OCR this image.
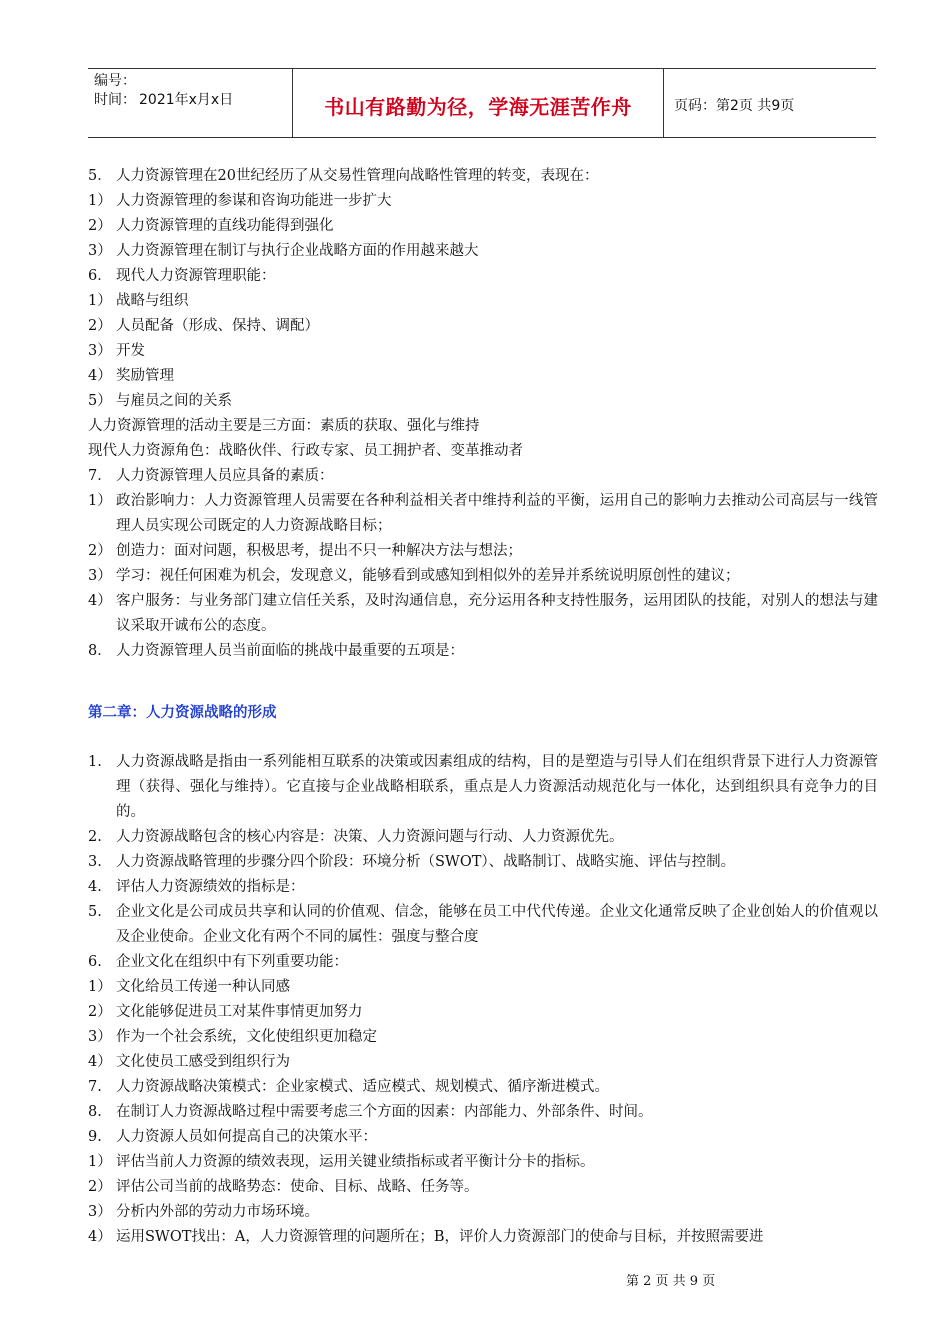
编号：
时间： 2021年x月x日	书山有路勤为径，学海无涯苦作舟	页码： 第2页 共9页
5． 人力资源管理在20世纪经历了从交易性管理向战略性管理的转变，表现在：
1） 人力资源管理的参谋和咨询功能进一步扩大
2） 人力资源管理的直线功能得到强化
3） 人力资源管理在制订与执行企业战略方面的作用越来越大
6． 现代人力资源管理职能：
1） 战略与组织
2） 人员配备（形成、保持、调配）
3） 开发
4） 奖励管理
5） 与雇员之间的关系
人力资源管理的活动主要是三方面：素质的获取、强化与维持
现代人力资源角色：战略伙伴、行政专家、员工拥护者、变革推动者
7． 人力资源管理人员应具备的素质：
1） 政治影响力：人力资源管理人员需要在各种利益相关者中维持利益的平衡，运用自己的影响力去推动公司高层与一线管理人员实现公司既定的人力资源战略目标；
2） 创造力：面对问题，积极思考，提出不只一种解决方法与想法；
3） 学习：视任何困难为机会，发现意义，能够看到或感知到相似外的差异并系统说明原创性的建议；
4） 客户服务：与业务部门建立信任关系，及时沟通信息，充分运用各种支持性服务，运用团队的技能，对别人的想法与建议采取开诚布公的态度。
8． 人力资源管理人员当前面临的挑战中最重要的五项是：
第二章：人力资源战略的形成
1. 人力资源战略是指由一系列能相互联系的决策或因素组成的结构，目的是塑造与引导人们在组织背景下进行人力资源管理（获得、强化与维持）。它直接与企业战略相联系，重点是人力资源活动规范化与一体化，达到组织具有竞争力的目的。
2. 人力资源战略包含的核心内容是：决策、人力资源问题与行动、人力资源优先。
3. 人力资源战略管理的步骤分四个阶段：环境分析（SWOT）、战略制订、战略实施、评估与控制。
4. 评估人力资源绩效的指标是：
5. 企业文化是公司成员共享和认同的价值观、信念，能够在员工中代代传递。企业文化通常反映了企业创始人的价值观以及企业使命。企业文化有两个不同的属性：强度与整合度
6. 企业文化在组织中有下列重要功能：
1） 文化给员工传递一种认同感
2） 文化能够促进员工对某件事情更加努力
3） 作为一个社会系统，文化使组织更加稳定
4） 文化使员工感受到组织行为
7. 人力资源战略决策模式：企业家模式、适应模式、规划模式、循序渐进模式。
8. 在制订人力资源战略过程中需要考虑三个方面的因素：内部能力、外部条件、时间。
9. 人力资源人员如何提高自己的决策水平：
1） 评估当前人力资源的绩效表现，运用关键业绩指标或者平衡计分卡的指标。
2） 评估公司当前的战略势态：使命、目标、战略、任务等。
3） 分析内外部的劳动力市场环境。
4） 运用SWOT找出：A，人力资源管理的问题所在；B，评价人力资源部门的使命与目标，并按照需要进
第 2 页 共 9 页
